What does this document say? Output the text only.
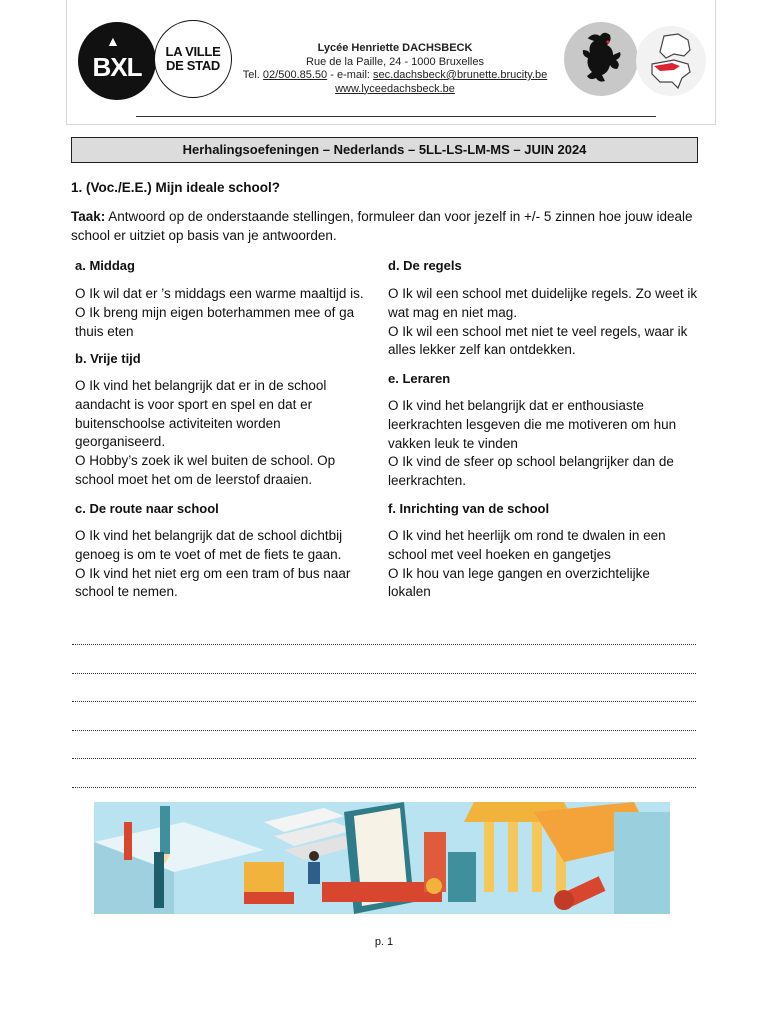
▲
BXL
LA VILLE
DE STAD
Lycée Henriette DACHSBECK
Rue de la Paille, 24 - 1000 Bruxelles
Tel. 02/500.85.50 - e-mail: sec.dachsbeck@brunette.brucity.be
www.lyceedachsbeck.be
Herhalingsoefeningen – Nederlands – 5LL-LS-LM-MS – JUIN 2024
1. (Voc./E.E.) Mijn ideale school?
Taak: Antwoord op de onderstaande stellingen, formuleer dan voor jezelf in +/- 5 zinnen hoe jouw ideale school er uitziet op basis van je antwoorden.
a. Middag

O Ik wil dat er ’s middags een warme maaltijd is.

O Ik breng mijn eigen boterhammen mee of ga thuis eten

b. Vrije tijd

O Ik vind het belangrijk dat er in de school aandacht is voor sport en spel en dat er buitenschoolse activiteiten worden georganiseerd.

O Hobby’s zoek ik wel buiten de school. Op school moet het om de leerstof draaien.

c. De route naar school

O Ik vind het belangrijk dat de school dichtbij genoeg is om te voet of met de fiets te gaan.

O Ik vind het niet erg om een tram of bus naar school te nemen.

d. De regels

O Ik wil een school met duidelijke regels. Zo weet ik wat mag en niet mag.

O Ik wil een school met niet te veel regels, waar ik alles lekker zelf kan ontdekken.

e. Leraren

O Ik vind het belangrijk dat er enthousiaste leerkrachten lesgeven die me motiveren om hun vakken leuk te vinden

O Ik vind de sfeer op school belangrijker dan de leerkrachten.

f. Inrichting van de school

O Ik vind het heerlijk om rond te dwalen in een school met veel hoeken en gangetjes

O Ik hou van lege gangen en overzichtelijke lokalen

p. 1
